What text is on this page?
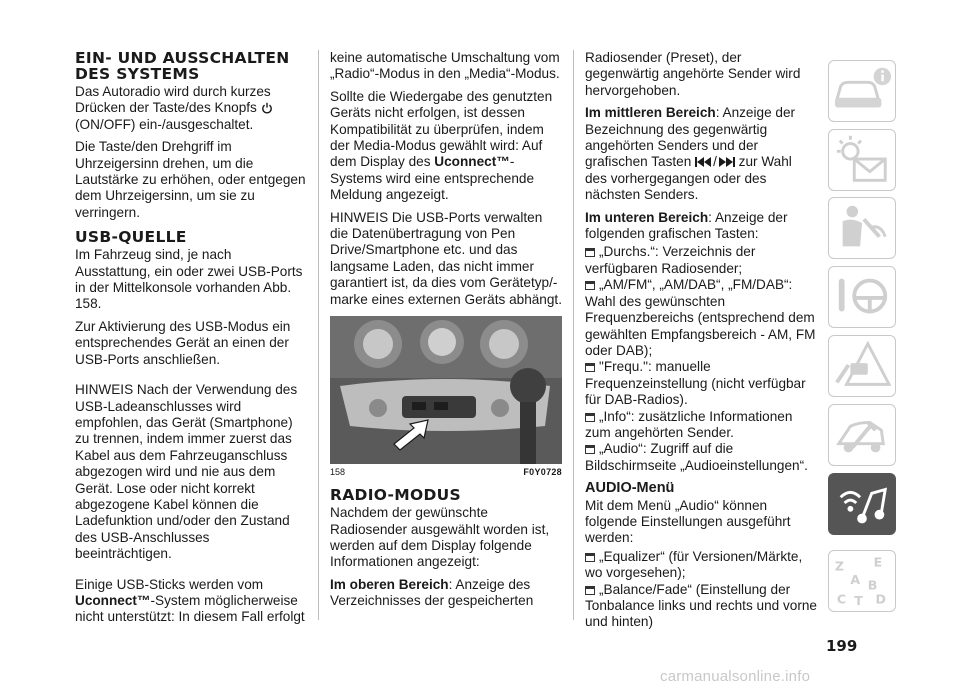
EIN- UND AUSSCHALTEN DES SYSTEMS

Das Autoradio wird durch kurzes Drücken der Taste/des Knopfs  (ON/OFF) ein-/ausgeschaltet.

Die Taste/den Drehgriff im Uhrzeigersinn drehen, um die Lautstärke zu erhöhen, oder entgegen dem Uhrzeigersinn, um sie zu verringern.

USB-QUELLE

Im Fahrzeug sind, je nach Ausstattung, ein oder zwei USB-Ports in der Mittelkonsole vorhanden Abb. 158.

Zur Aktivierung des USB-Modus ein entsprechendes Gerät an einen der USB-Ports anschließen.

HINWEIS Nach der Verwendung des USB-Ladeanschlusses wird empfohlen, das Gerät (Smartphone) zu trennen, indem immer zuerst das Kabel aus dem Fahrzeuganschluss abgezogen wird und nie aus dem Gerät. Lose oder nicht korrekt abgezogene Kabel können die Ladefunktion und/oder den Zustand des USB-Anschlusses beeinträchtigen.

Einige USB-Sticks werden vom Uconnect™-System möglicherweise nicht unterstützt: In diesem Fall erfolgt

keine automatische Umschaltung vom „Radio“-Modus in den „Media“-Modus.

Sollte die Wiedergabe des genutzten Geräts nicht erfolgen, ist dessen Kompatibilität zu überprüfen, indem der Media-Modus gewählt wird: Auf dem Display des Uconnect™-Systems wird eine entsprechende Meldung angezeigt.

HINWEIS Die USB-Ports verwalten die Datenübertragung von Pen Drive/Smartphone etc. und das langsame Laden, das nicht immer garantiert ist, da dies vom Gerätetyp/-marke eines externen Geräts abhängt.

158	F0Y0728
RADIO-MODUS

Nachdem der gewünschte Radiosender ausgewählt worden ist, werden auf dem Display folgende Informationen angezeigt:

Im oberen Bereich: Anzeige des Verzeichnisses der gespeicherten

Radiosender (Preset), der gegenwärtig angehörte Sender wird hervorgehoben.

Im mittleren Bereich: Anzeige der Bezeichnung des gegenwärtig angehörten Senders und der grafischen Tasten / zur Wahl des vorhergegangen oder des nächsten Senders.

Im unteren Bereich: Anzeige der folgenden grafischen Tasten:

„Durchs.“: Verzeichnis der verfügbaren Radiosender;

„AM/FM“, „AM/DAB“, „FM/DAB“: Wahl des gewünschten Frequenzbereichs (entsprechend dem gewählten Empfangsbereich - AM, FM oder DAB);

"Frequ.": manuelle Frequenzeinstellung (nicht verfügbar für DAB-Radios).

„Info“: zusätzliche Informationen zum angehörten Sender.

„Audio“: Zugriff auf die Bildschirmseite „Audioeinstellungen“.

AUDIO-Menü

Mit dem Menü „Audio“ können folgende Einstellungen ausgeführt werden:

„Equalizer“ (für Versionen/Märkte, wo vorgesehen);

„Balance/Fade“ (Einstellung der Tonbalance links und rechts und vorne und hinten)

Z E
A B
C T D
199
carmanualsonline.info
